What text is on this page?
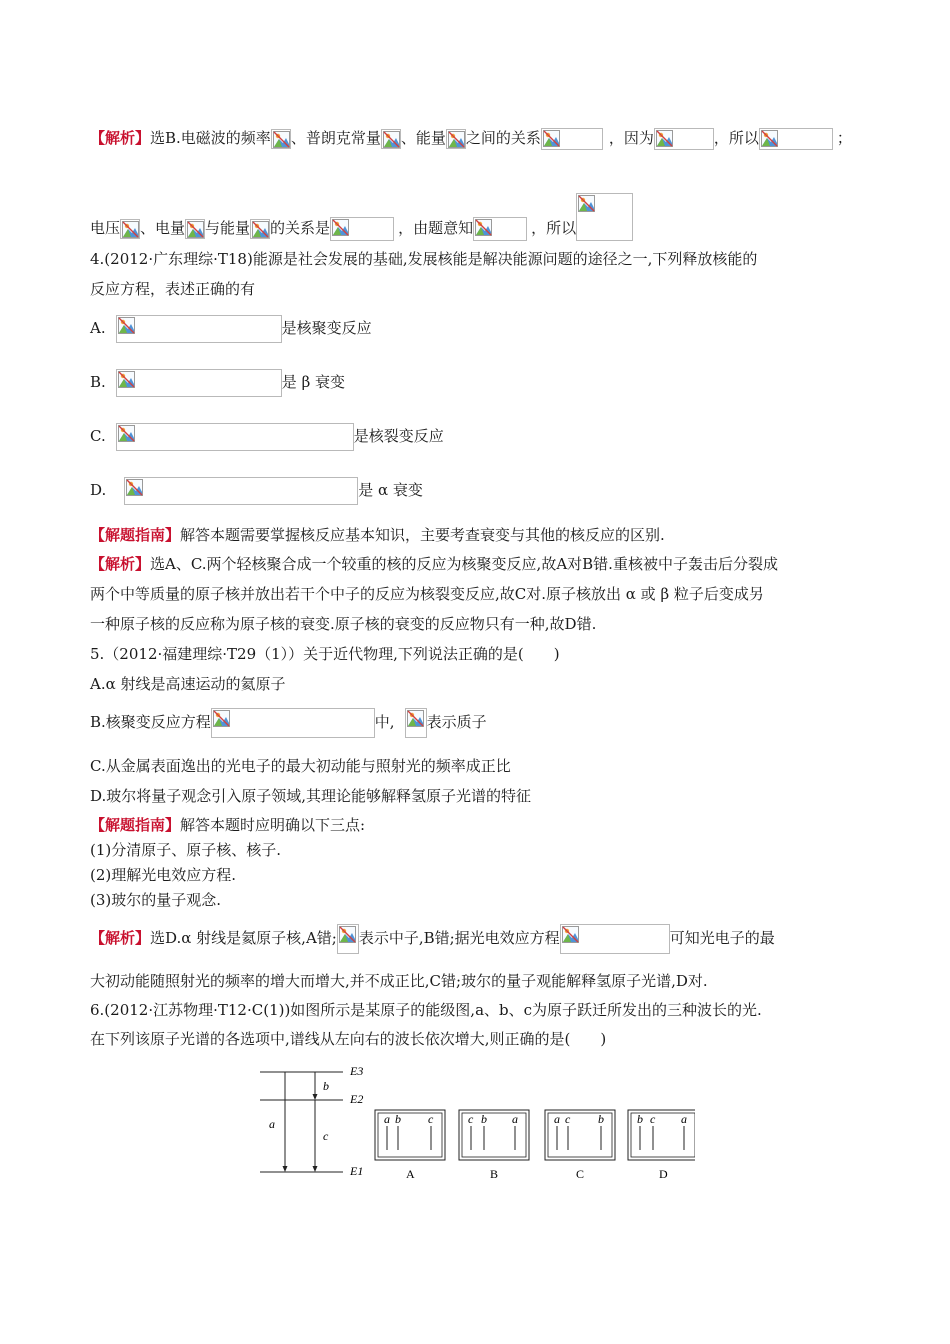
【解析】选B.电磁波的频率 、普朗克常量 、能量 之间的关系	，因为	，所以	；
电压 、电量 与能量 的关系是	，由题意知	，所以
4.(2012·广东理综·T18)能源是社会发展的基础,发展核能是解决能源问题的途径之一,下列释放核能的
反应方程，表述正确的有
A.	是核聚变反应
B.	是 β 衰变
C.	是核裂变反应
D.	是 α 衰变
【解题指南】解答本题需要掌握核反应基本知识，主要考查衰变与其他的核反应的区别.
【解析】选A、C.两个轻核聚合成一个较重的核的反应为核聚变反应,故A对B错.重核被中子轰击后分裂成
两个中等质量的原子核并放出若干个中子的反应为核裂变反应,故C对.原子核放出 α 或 β 粒子后变成另
一种原子核的反应称为原子核的衰变.原子核的衰变的反应物只有一种,故D错.
5.（2012·福建理综·T29（1））关于近代物理,下列说法正确的是(　　)
A.α 射线是高速运动的氦原子
B.核聚变反应方程	中, 表示质子
C.从金属表面逸出的光电子的最大初动能与照射光的频率成正比
D.玻尔将量子观念引入原子领域,其理论能够解释氢原子光谱的特征
【解题指南】解答本题时应明确以下三点:
(1)分清原子、原子核、核子.
(2)理解光电效应方程.
(3)玻尔的量子观念.
【解析】选D.α 射线是氦原子核,A错; 表示中子,B错;据光电效应方程	可知光电子的最
大初动能随照射光的频率的增大而增大,并不成正比,C错;玻尔的量子观能解释氢原子光谱,D对.
6.(2012·江苏物理·T12·C(1))如图所示是某原子的能级图,a、b、c为原子跃迁所发出的三种波长的光.
在下列该原子光谱的各选项中,谱线从左向右的波长依次增大,则正确的是(　　)
E3
E2
E1
a
b
c
a b c
A
c b a
B
a c b
C
b c a
D
